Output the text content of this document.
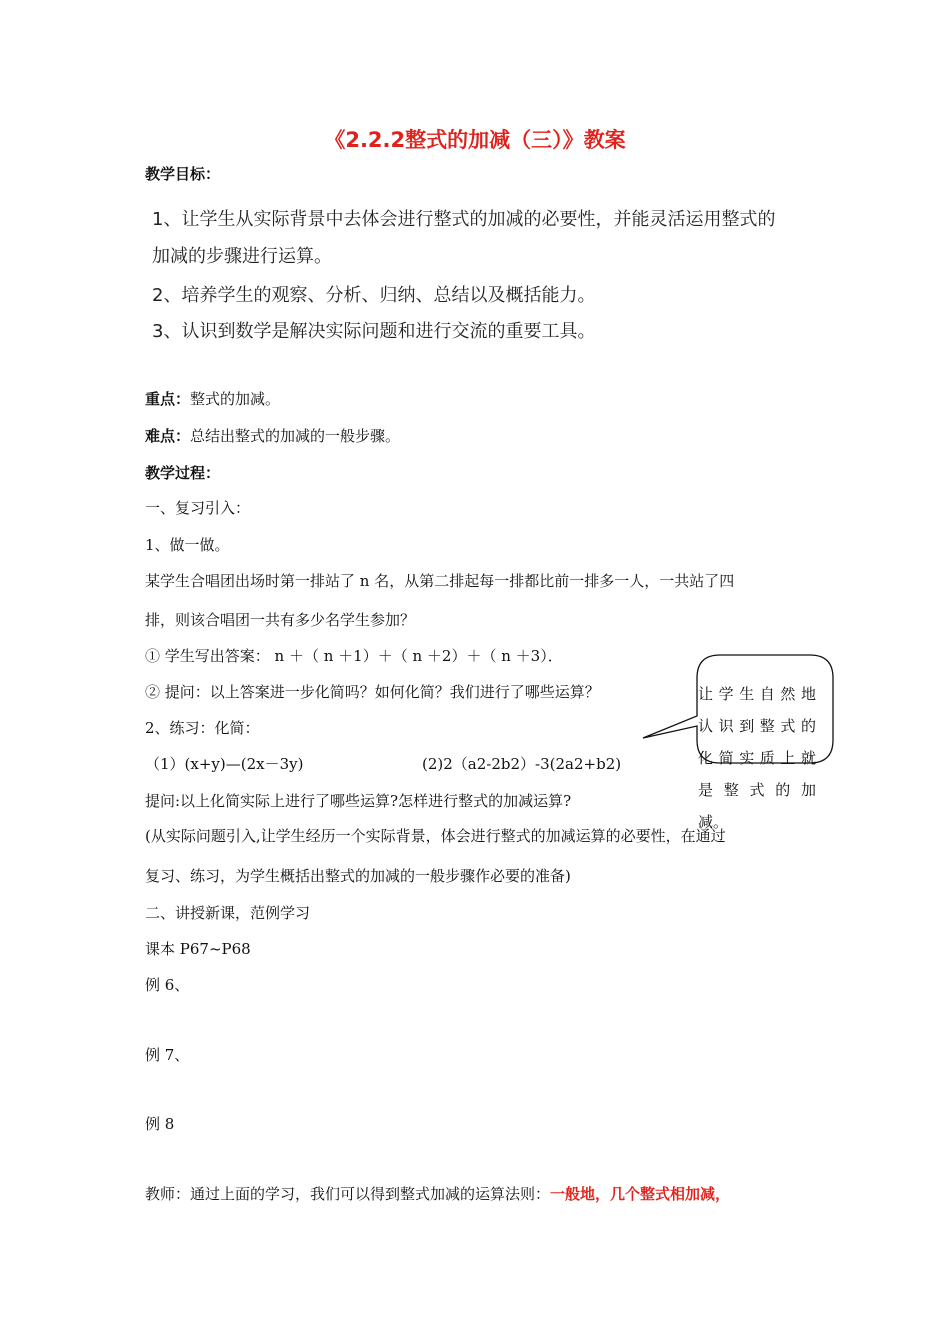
《2.2.2整式的加减（三）》教案
教学目标：
1、让学生从实际背景中去体会进行整式的加减的必要性，并能灵活运用整式的
加减的步骤进行运算。
2、培养学生的观察、分析、归纳、总结以及概括能力。
3、认识到数学是解决实际问题和进行交流的重要工具。
重点：整式的加减。
难点：总结出整式的加减的一般步骤。
教学过程：
一、复习引入：
1、做一做。
某学生合唱团出场时第一排站了 n 名，从第二排起每一排都比前一排多一人，一共站了四
排，则该合唱团一共有多少名学生参加？
① 学生写出答案： n ＋（ n ＋1）＋（ n ＋2）＋（ n ＋3）．
② 提问：以上答案进一步化简吗？如何化简？我们进行了哪些运算？
2、练习：化简：
（1）(x+y)—(2x－3y)	(2)2（a2-2b2）-3(2a2+b2)
提问:以上化简实际上进行了哪些运算?怎样进行整式的加减运算?
(从实际问题引入,让学生经历一个实际背景，体会进行整式的加减运算的必要性，在通过
复习、练习，为学生概括出整式的加减的一般步骤作必要的准备)
二、讲授新课，范例学习
课本 P67~P68
例 6、
例 7、
例 8
教师：通过上面的学习，我们可以得到整式加减的运算法则：一般地，几个整式相加减，
让学生自然地
认识到整式的
化简实质上就
是整式的加
减。
